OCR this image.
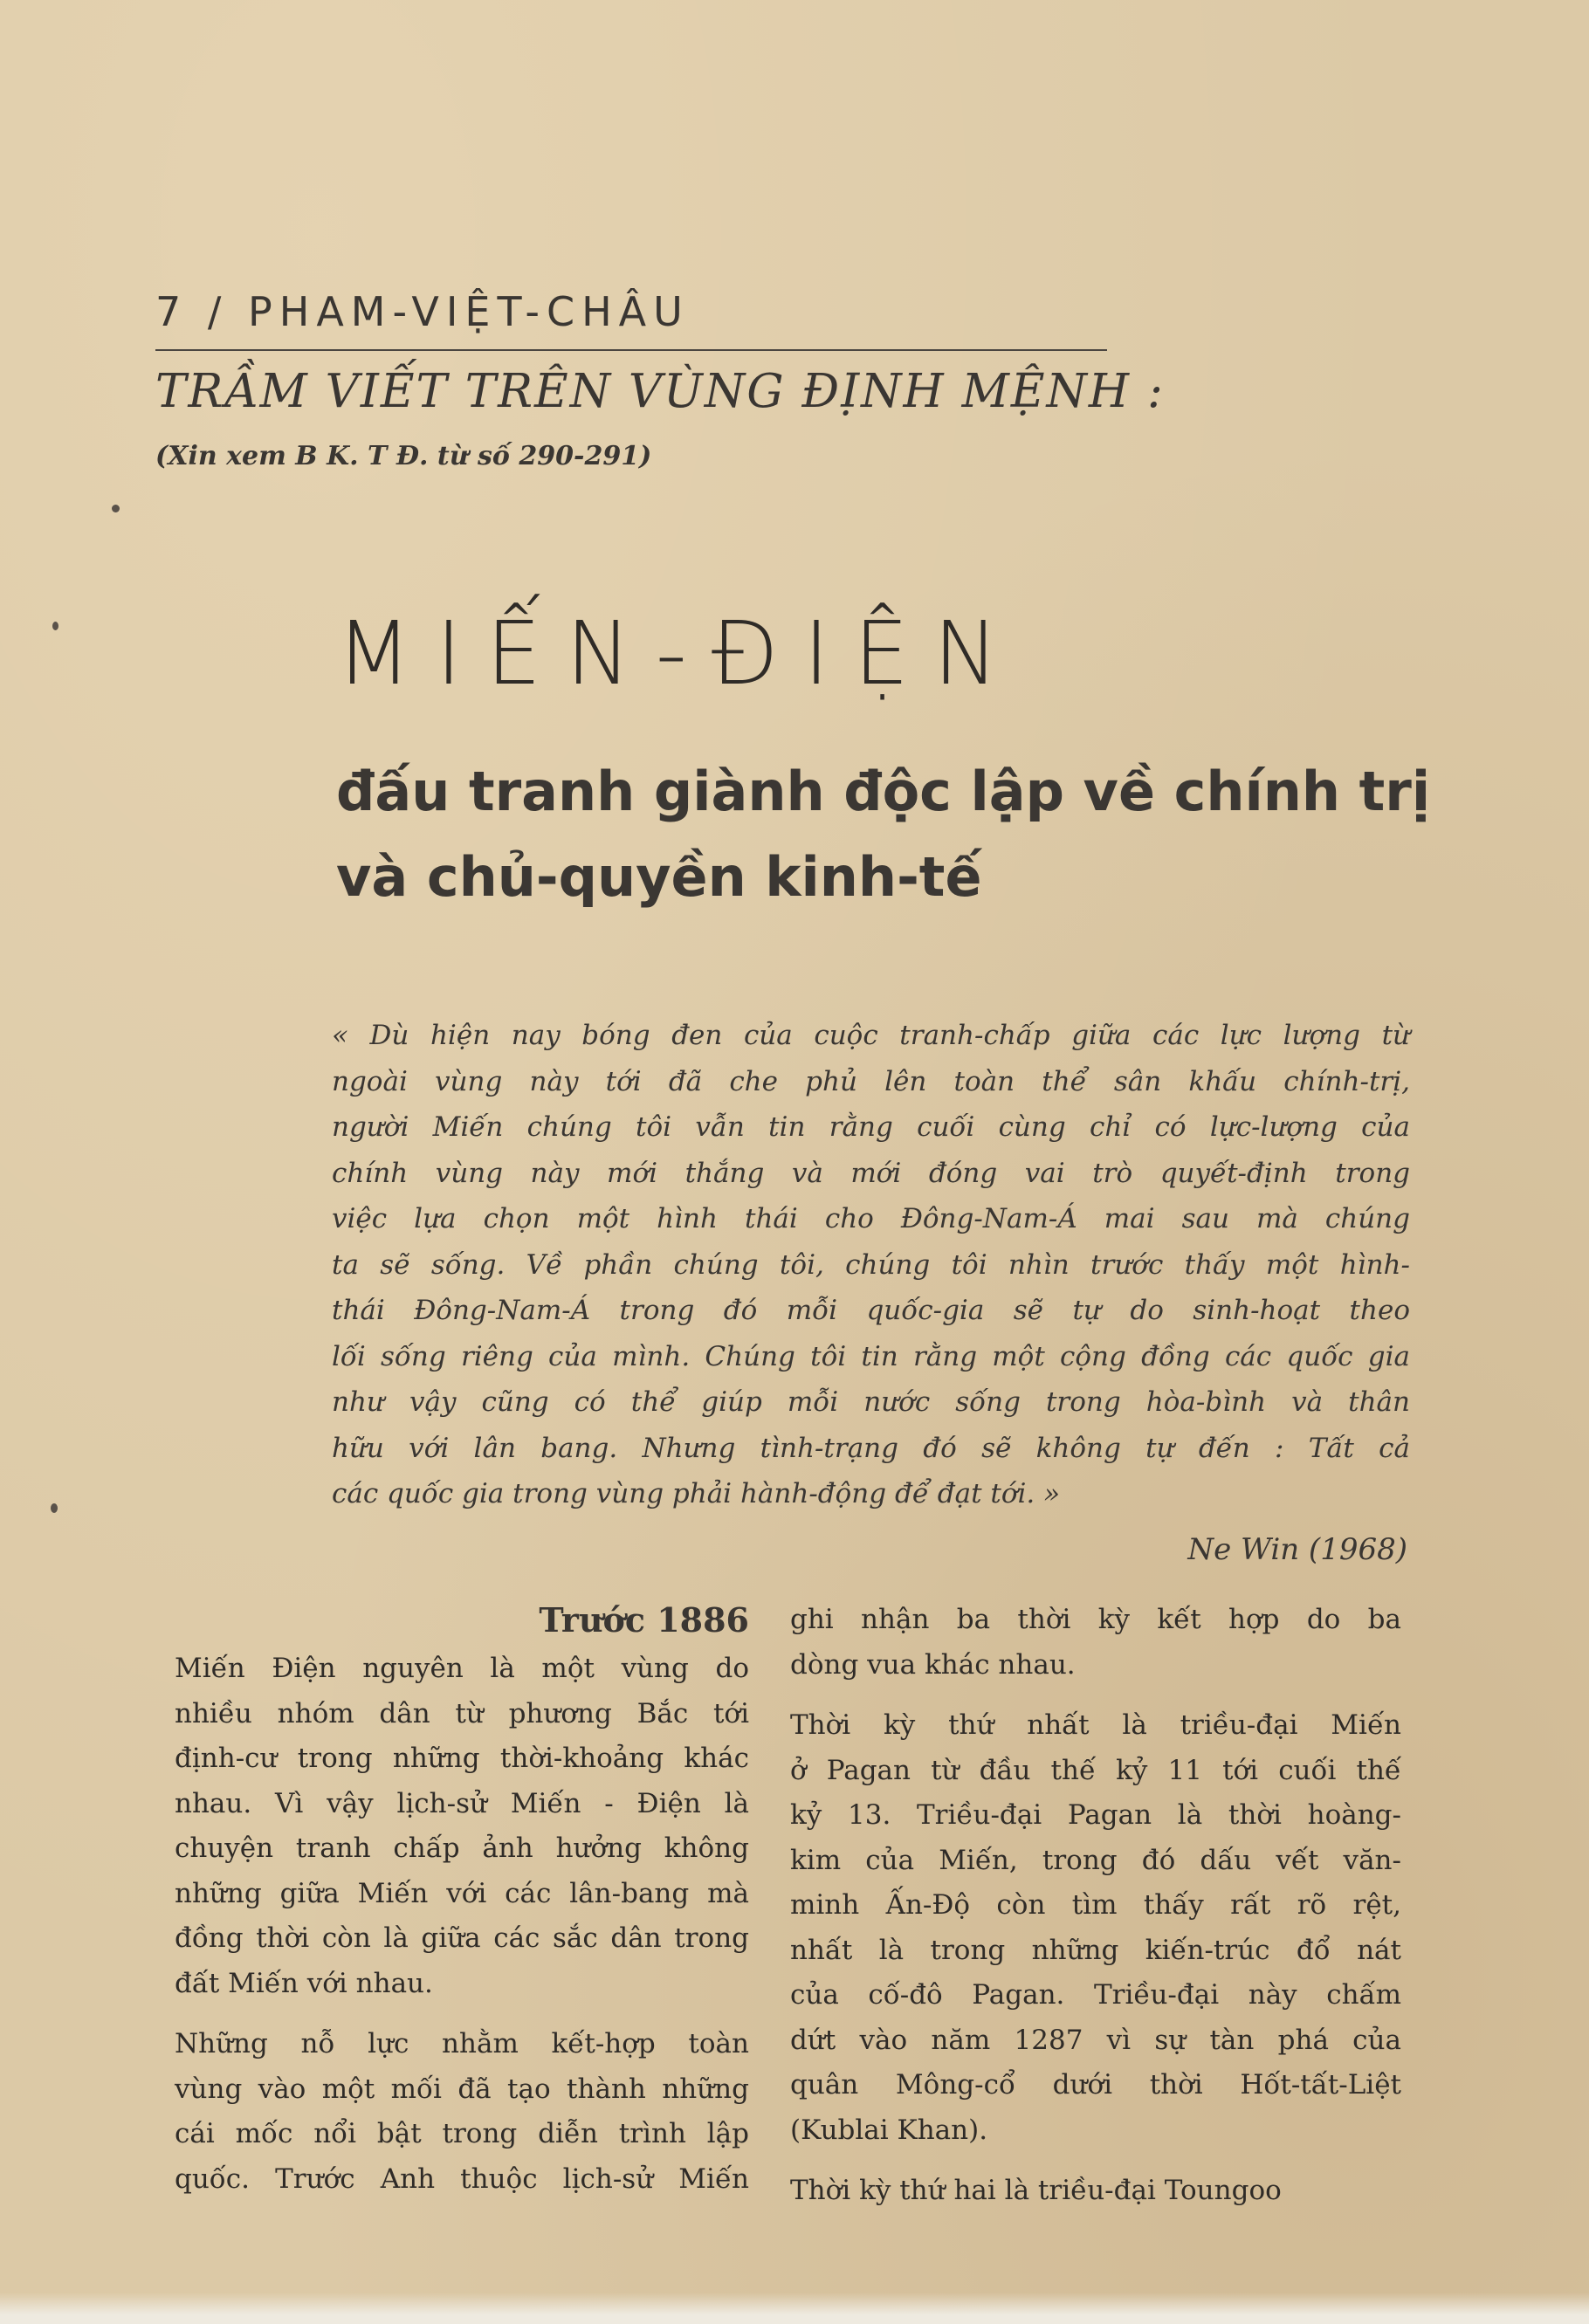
7 / PHAM-VIỆT-CHÂU
TRẦM VIẾT TRÊN VÙNG ĐỊNH MỆNH :
(Xin xem B K. T Đ. từ số 290-291)
MIẾN-ĐIỆN
đấu tranh giành độc lập về chính trị
và chủ-quyền kinh-tế
« Dù hiện nay bóng đen của cuộc tranh-chấp giữa các lực lượng từ
ngoài vùng này tới đã che phủ lên toàn thể sân khấu chính-trị,
người Miến chúng tôi vẫn tin rằng cuối cùng chỉ có lực-lượng của
chính vùng này mới thắng và mới đóng vai trò quyết-định trong
việc lựa chọn một hình thái cho Đông-Nam-Á mai sau mà chúng
ta sẽ sống. Về phần chúng tôi, chúng tôi nhìn trước thấy một hình-
thái Đông-Nam-Á trong đó mỗi quốc-gia sẽ tự do sinh-hoạt theo
lối sống riêng của mình. Chúng tôi tin rằng một cộng đồng các quốc gia
như vậy cũng có thể giúp mỗi nước sống trong hòa-bình và thân
hữu với lân bang. Nhưng tình-trạng đó sẽ không tự đến : Tất cả
các quốc gia trong vùng phải hành-động để đạt tới. »
Ne Win (1968)
Trước 1886
Miến Điện nguyên là một vùng do
nhiều nhóm dân từ phương Bắc tới
định-cư trong những thời-khoảng khác
nhau. Vì vậy lịch-sử Miến - Điện là
chuyện tranh chấp ảnh hưởng không
những giữa Miến với các lân-bang mà
đồng thời còn là giữa các sắc dân trong
đất Miến với nhau.
Những nỗ lực nhằm kết-hợp toàn
vùng vào một mối đã tạo thành những
cái mốc nổi bật trong diễn trình lập
quốc. Trước Anh thuộc lịch-sử Miến
ghi nhận ba thời kỳ kết hợp do ba
dòng vua khác nhau.
Thời kỳ thứ nhất là triều-đại Miến
ở Pagan từ đầu thế kỷ 11 tới cuối thế
kỷ 13. Triều-đại Pagan là thời hoàng-
kim của Miến, trong đó dấu vết văn-
minh Ấn-Độ còn tìm thấy rất rõ rệt,
nhất là trong những kiến-trúc đổ nát
của cố-đô Pagan. Triều-đại này chấm
dứt vào năm 1287 vì sự tàn phá của
quân Mông-cổ dưới thời Hốt-tất-Liệt
(Kublai Khan).
Thời kỳ thứ hai là triều-đại Toungoo
